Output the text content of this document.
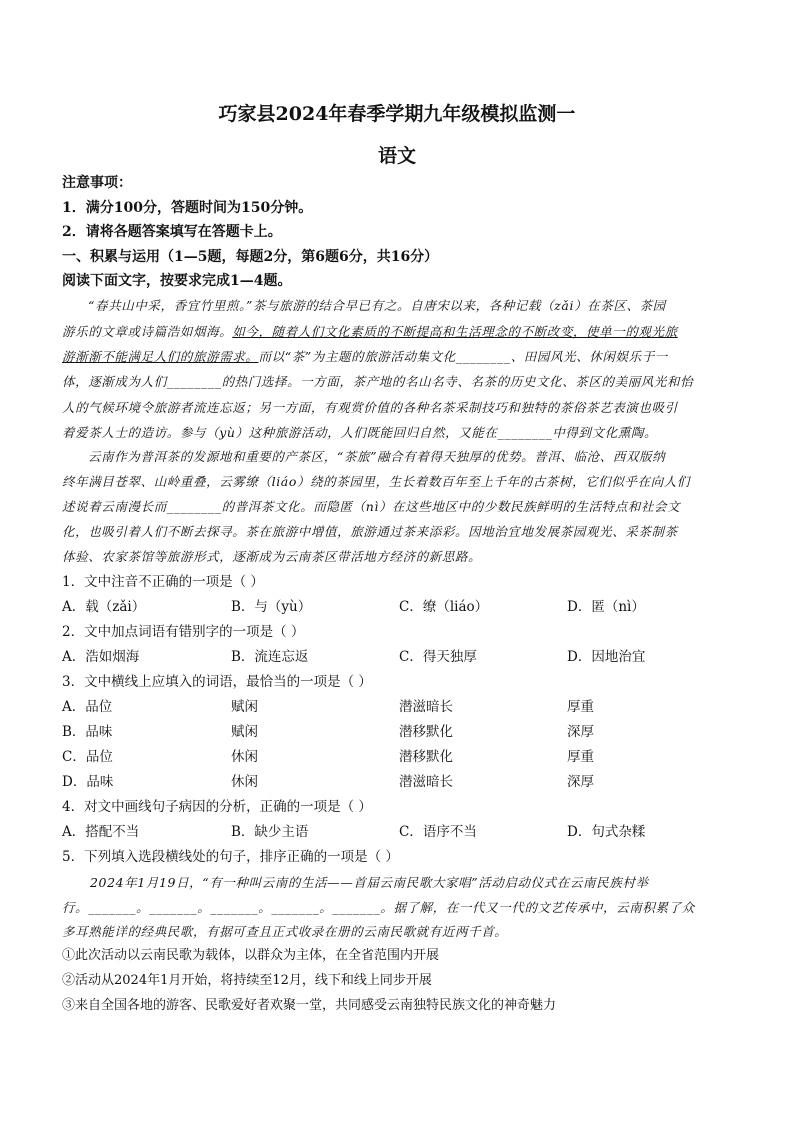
巧家县2024年春季学期九年级模拟监测一
语文
注意事项：
1．满分100分，答题时间为150分钟。
2．请将各题答案填写在答题卡上。
一、积累与运用（1—5题，每题2分，第6题6分，共16分）
阅读下面文字，按要求完成1—4题。
“春共山中采，香宜竹里煎。”茶与旅游的结合早已有之。自唐宋以来，各种记载（zǎi）在茶区、茶园
游乐的文章或诗篇浩如烟海。如今，随着人们文化素质的不断提高和生活理念的不断改变，使单一的观光旅
游渐渐不能满足人们的旅游需求。而以“茶”为主题的旅游活动集文化________、田园风光、休闲娱乐于一
体，逐渐成为人们________的热门选择。一方面，茶产地的名山名寺、名茶的历史文化、茶区的美丽风光和怡
人的气候环境令旅游者流连忘返；另一方面，有观赏价值的各种名茶采制技巧和独特的茶俗茶艺表演也吸引
着爱茶人士的造访。参与（yù）这种旅游活动，人们既能回归自然，又能在________中得到文化熏陶。
云南作为普洱茶的发源地和重要的产茶区，“茶旅”融合有着得天独厚的优势。普洱、临沧、西双版纳
终年满目苍翠、山岭重叠，云雾缭（liáo）绕的茶园里，生长着数百年至上千年的古茶树，它们似乎在向人们
述说着云南漫长而________的普洱茶文化。而隐匿（nì）在这些地区中的少数民族鲜明的生活特点和社会文
化，也吸引着人们不断去探寻。茶在旅游中增值，旅游通过茶来添彩。因地治宜地发展茶园观光、采茶制茶
体验、农家茶馆等旅游形式，逐渐成为云南茶区带活地方经济的新思路。
1．文中注音不正确的一项是（ ）
A．载（zǎi）	B．与（yù）	C．缭（liáo）	D．匿（nì）
2．文中加点词语有错别字的一项是（ ）
A．浩如烟海	B．流连忘返	C．得天独厚	D．因地治宜
3．文中横线上应填入的词语，最恰当的一项是（ ）
A．品位	赋闲	潜滋暗长	厚重
B．品味	赋闲	潜移默化	深厚
C．品位	休闲	潜移默化	厚重
D．品味	休闲	潜滋暗长	深厚
4．对文中画线句子病因的分析，正确的一项是（ ）
A．搭配不当	B．缺少主语	C．语序不当	D．句式杂糅
5．下列填入选段横线处的句子，排序正确的一项是（ ）
2024年1月19日，“有一种叫云南的生活——首届云南民歌大家唱”活动启动仪式在云南民族村举
行。_______。_______。_______。_______。_______。据了解，在一代又一代的文艺传承中，云南积累了众
多耳熟能详的经典民歌，有据可查且正式收录在册的云南民歌就有近两千首。
①此次活动以云南民歌为载体，以群众为主体，在全省范围内开展
②活动从2024年1月开始，将持续至12月，线下和线上同步开展
③来自全国各地的游客、民歌爱好者欢聚一堂，共同感受云南独特民族文化的神奇魅力
